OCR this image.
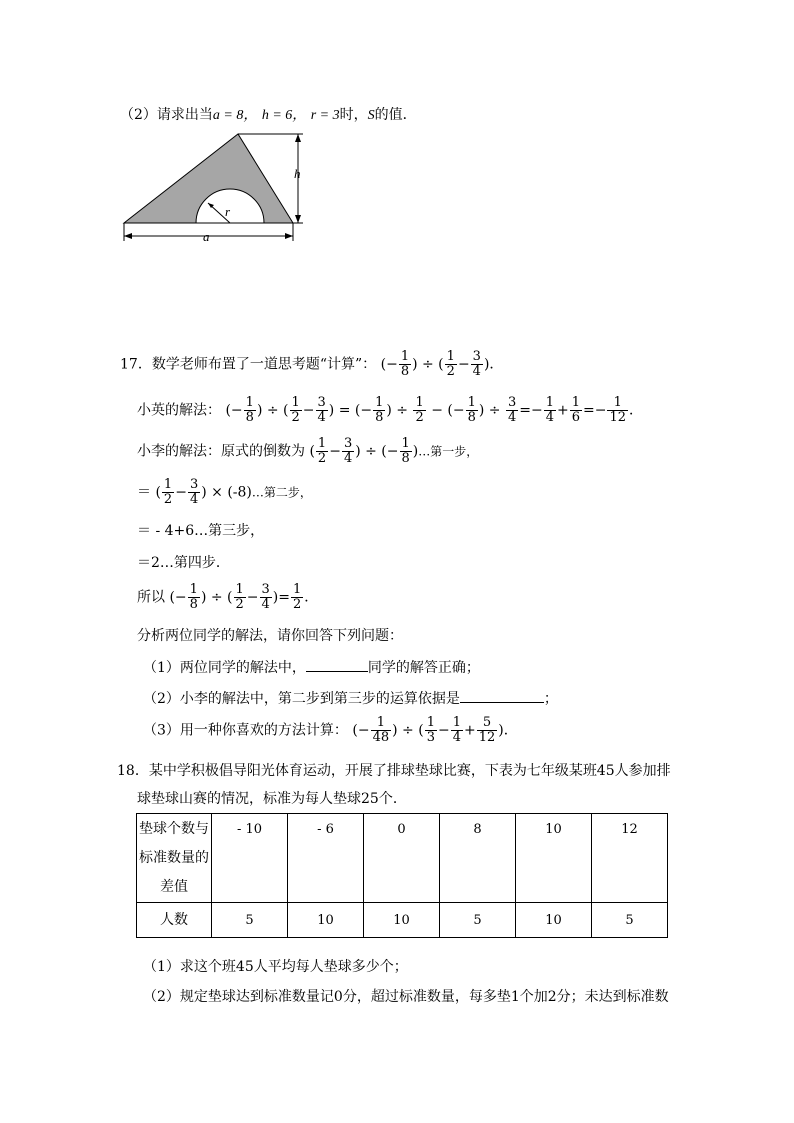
（2）请求出当a = 8， h = 6， r = 3时，S的值．
r
h
a
17．数学老师布置了一道思考题“计算”： (− $\frac{1}{8}$ ) ÷ ( $\frac{1}{2} - \frac{3}{4}$ )．
小英的解法： (− $\frac{1}{8}$ ) ÷ ( $\frac{1}{2} - \frac{3}{4}$ ) = (− $\frac{1}{8}$ ) ÷ $\frac{1}{2}$ − (− $\frac{1}{8}$ ) ÷ $\frac{3}{4} =- \frac{1}{4} + \frac{1}{6} =- \frac{1}{12}$ ．
小李的解法：原式的倒数为 ( $\frac{1}{2} - \frac{3}{4}$ ) ÷ (− $\frac{1}{8}$ )…第一步，
＝ ( $\frac{1}{2} - \frac{3}{4}$ ) × (-8)…第二步，
＝ - 4+6…第三步，
＝2…第四步．
所以 (− $\frac{1}{8}$ ) ÷ ( $\frac{1}{2} - \frac{3}{4}$ )= $\frac{1}{2}$ ．
分析两位同学的解法，请你回答下列问题：
（1）两位同学的解法中，	同学的解答正确；
（2）小李的解法中，第二步到第三步的运算依据是	；
（3）用一种你喜欢的方法计算： (− $\frac{1}{48}$ ) ÷ ( $\frac{1}{3} - \frac{1}{4} + \frac{5}{12}$ )．
18．某中学积极倡导阳光体育运动，开展了排球垫球比赛，下表为七年级某班45人参加排
球垫球山赛的情况，标准为每人垫球25个．
垫球个数与
标准数量的
差值	- 10	- 6	0	8	10	12
人数	5	10	10	5	10	5
（1）求这个班45人平均每人垫球多少个；
（2）规定垫球达到标准数量记0分，超过标准数量，每多垫1个加2分；未达到标准数
